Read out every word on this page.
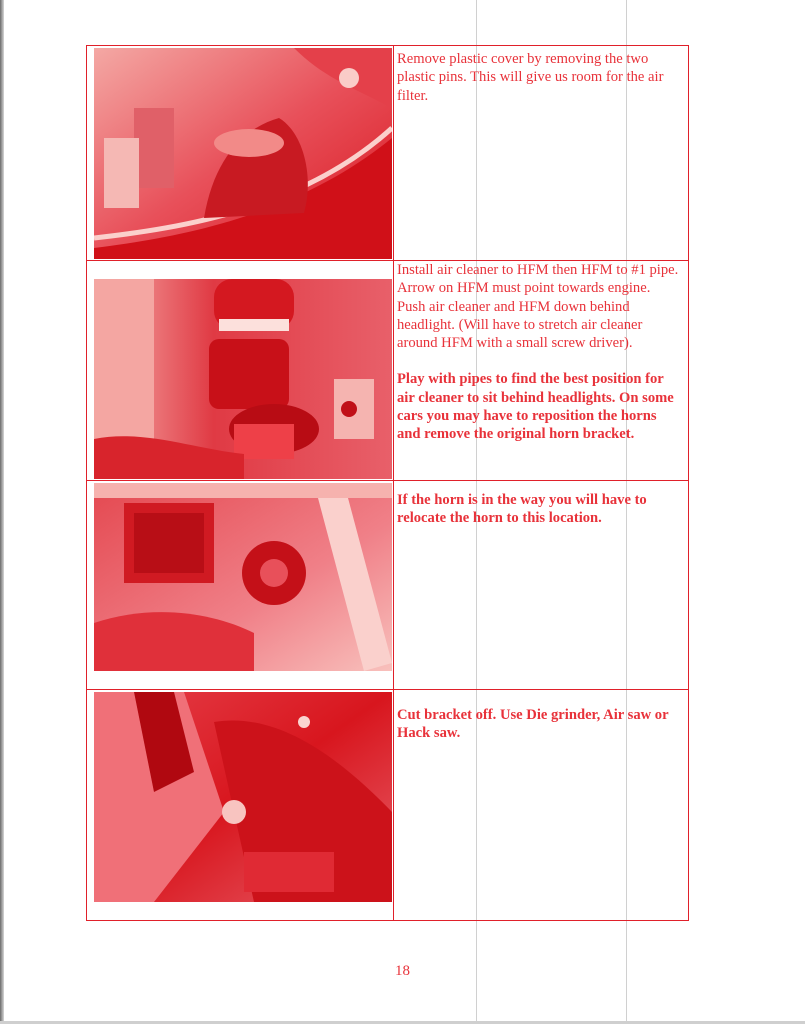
Remove plastic cover by removing the two plastic pins. This will give us room for the air filter.

Install air cleaner to HFM then HFM to #1 pipe. Arrow on HFM must point towards engine. Push air cleaner and HFM down behind headlight. (Will have to stretch air cleaner around HFM with a small screw driver).

Play with pipes to find the best position for air cleaner to sit behind headlights. On some cars you may have to reposition the horns and remove the original horn bracket.

If the horn is in the way you will have to relocate the horn to this location.

Cut bracket off. Use Die grinder, Air saw or Hack saw.

18
